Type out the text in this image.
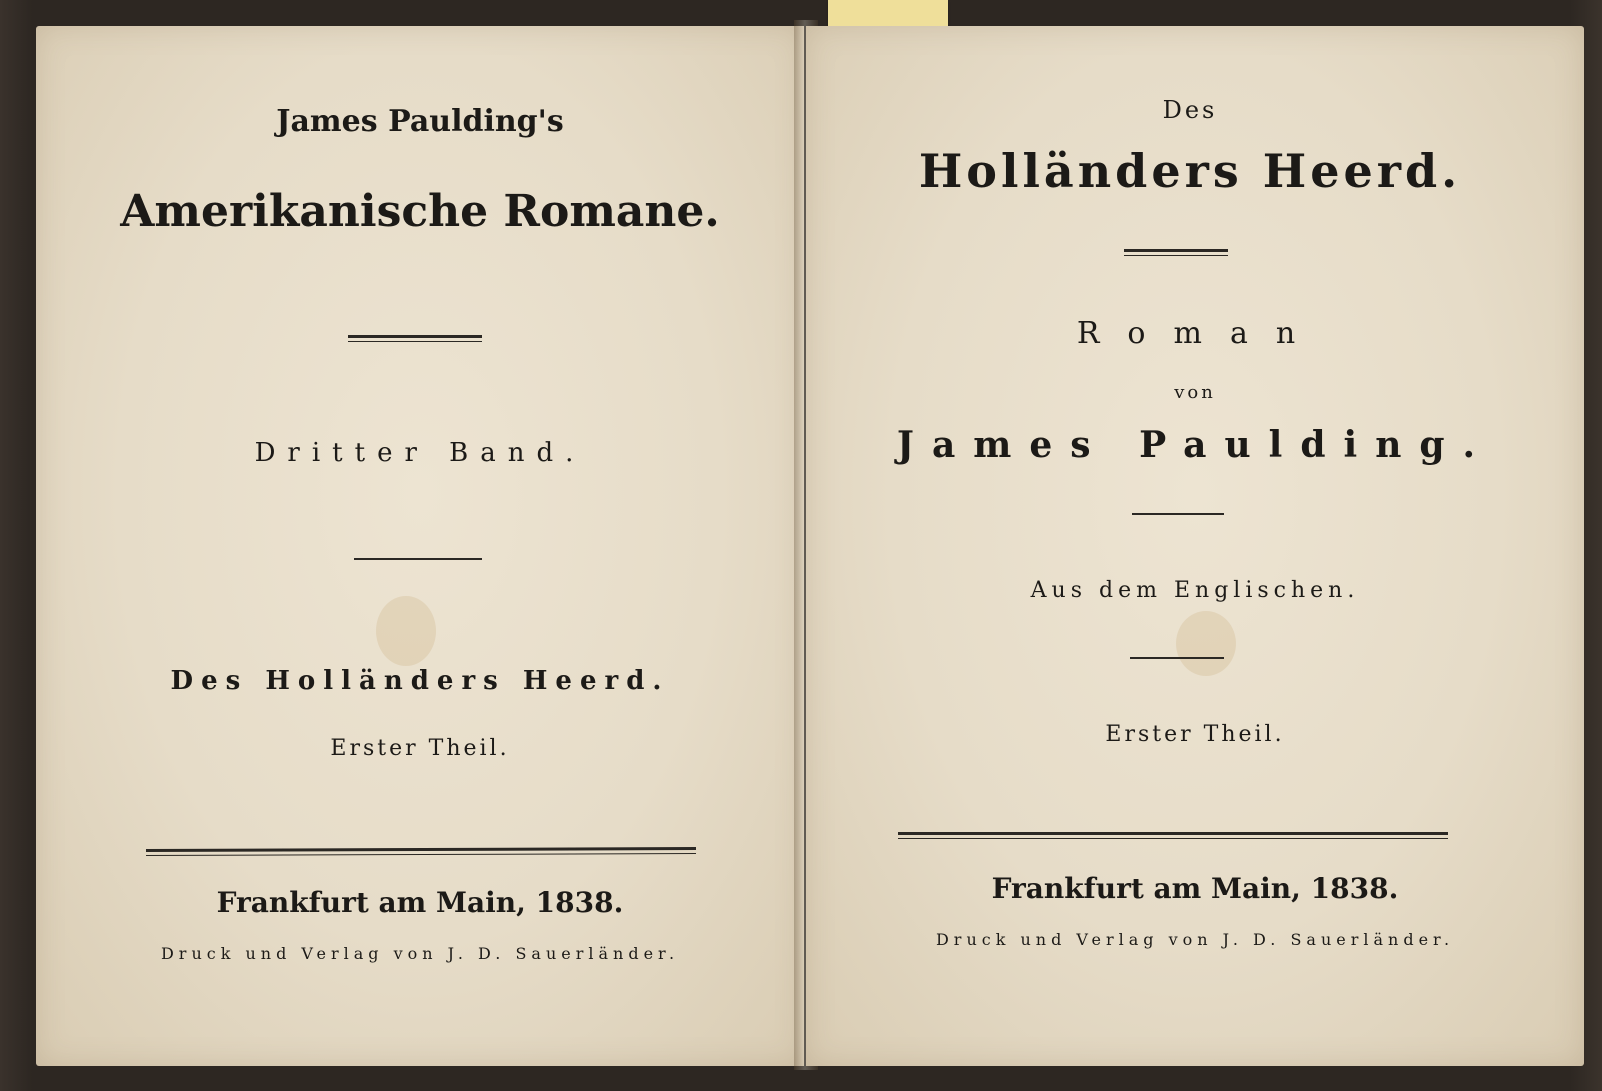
James Paulding's
Amerikanische Romane.
Dritter Band.
Des Holländers Heerd.
Erster Theil.
Frankfurt am Main, 1838.
Druck und Verlag von J. D. Sauerländer.
Des
Holländers Heerd.
Roman
von
James Paulding.
Aus dem Englischen.
Erster Theil.
Frankfurt am Main, 1838.
Druck und Verlag von J. D. Sauerländer.
